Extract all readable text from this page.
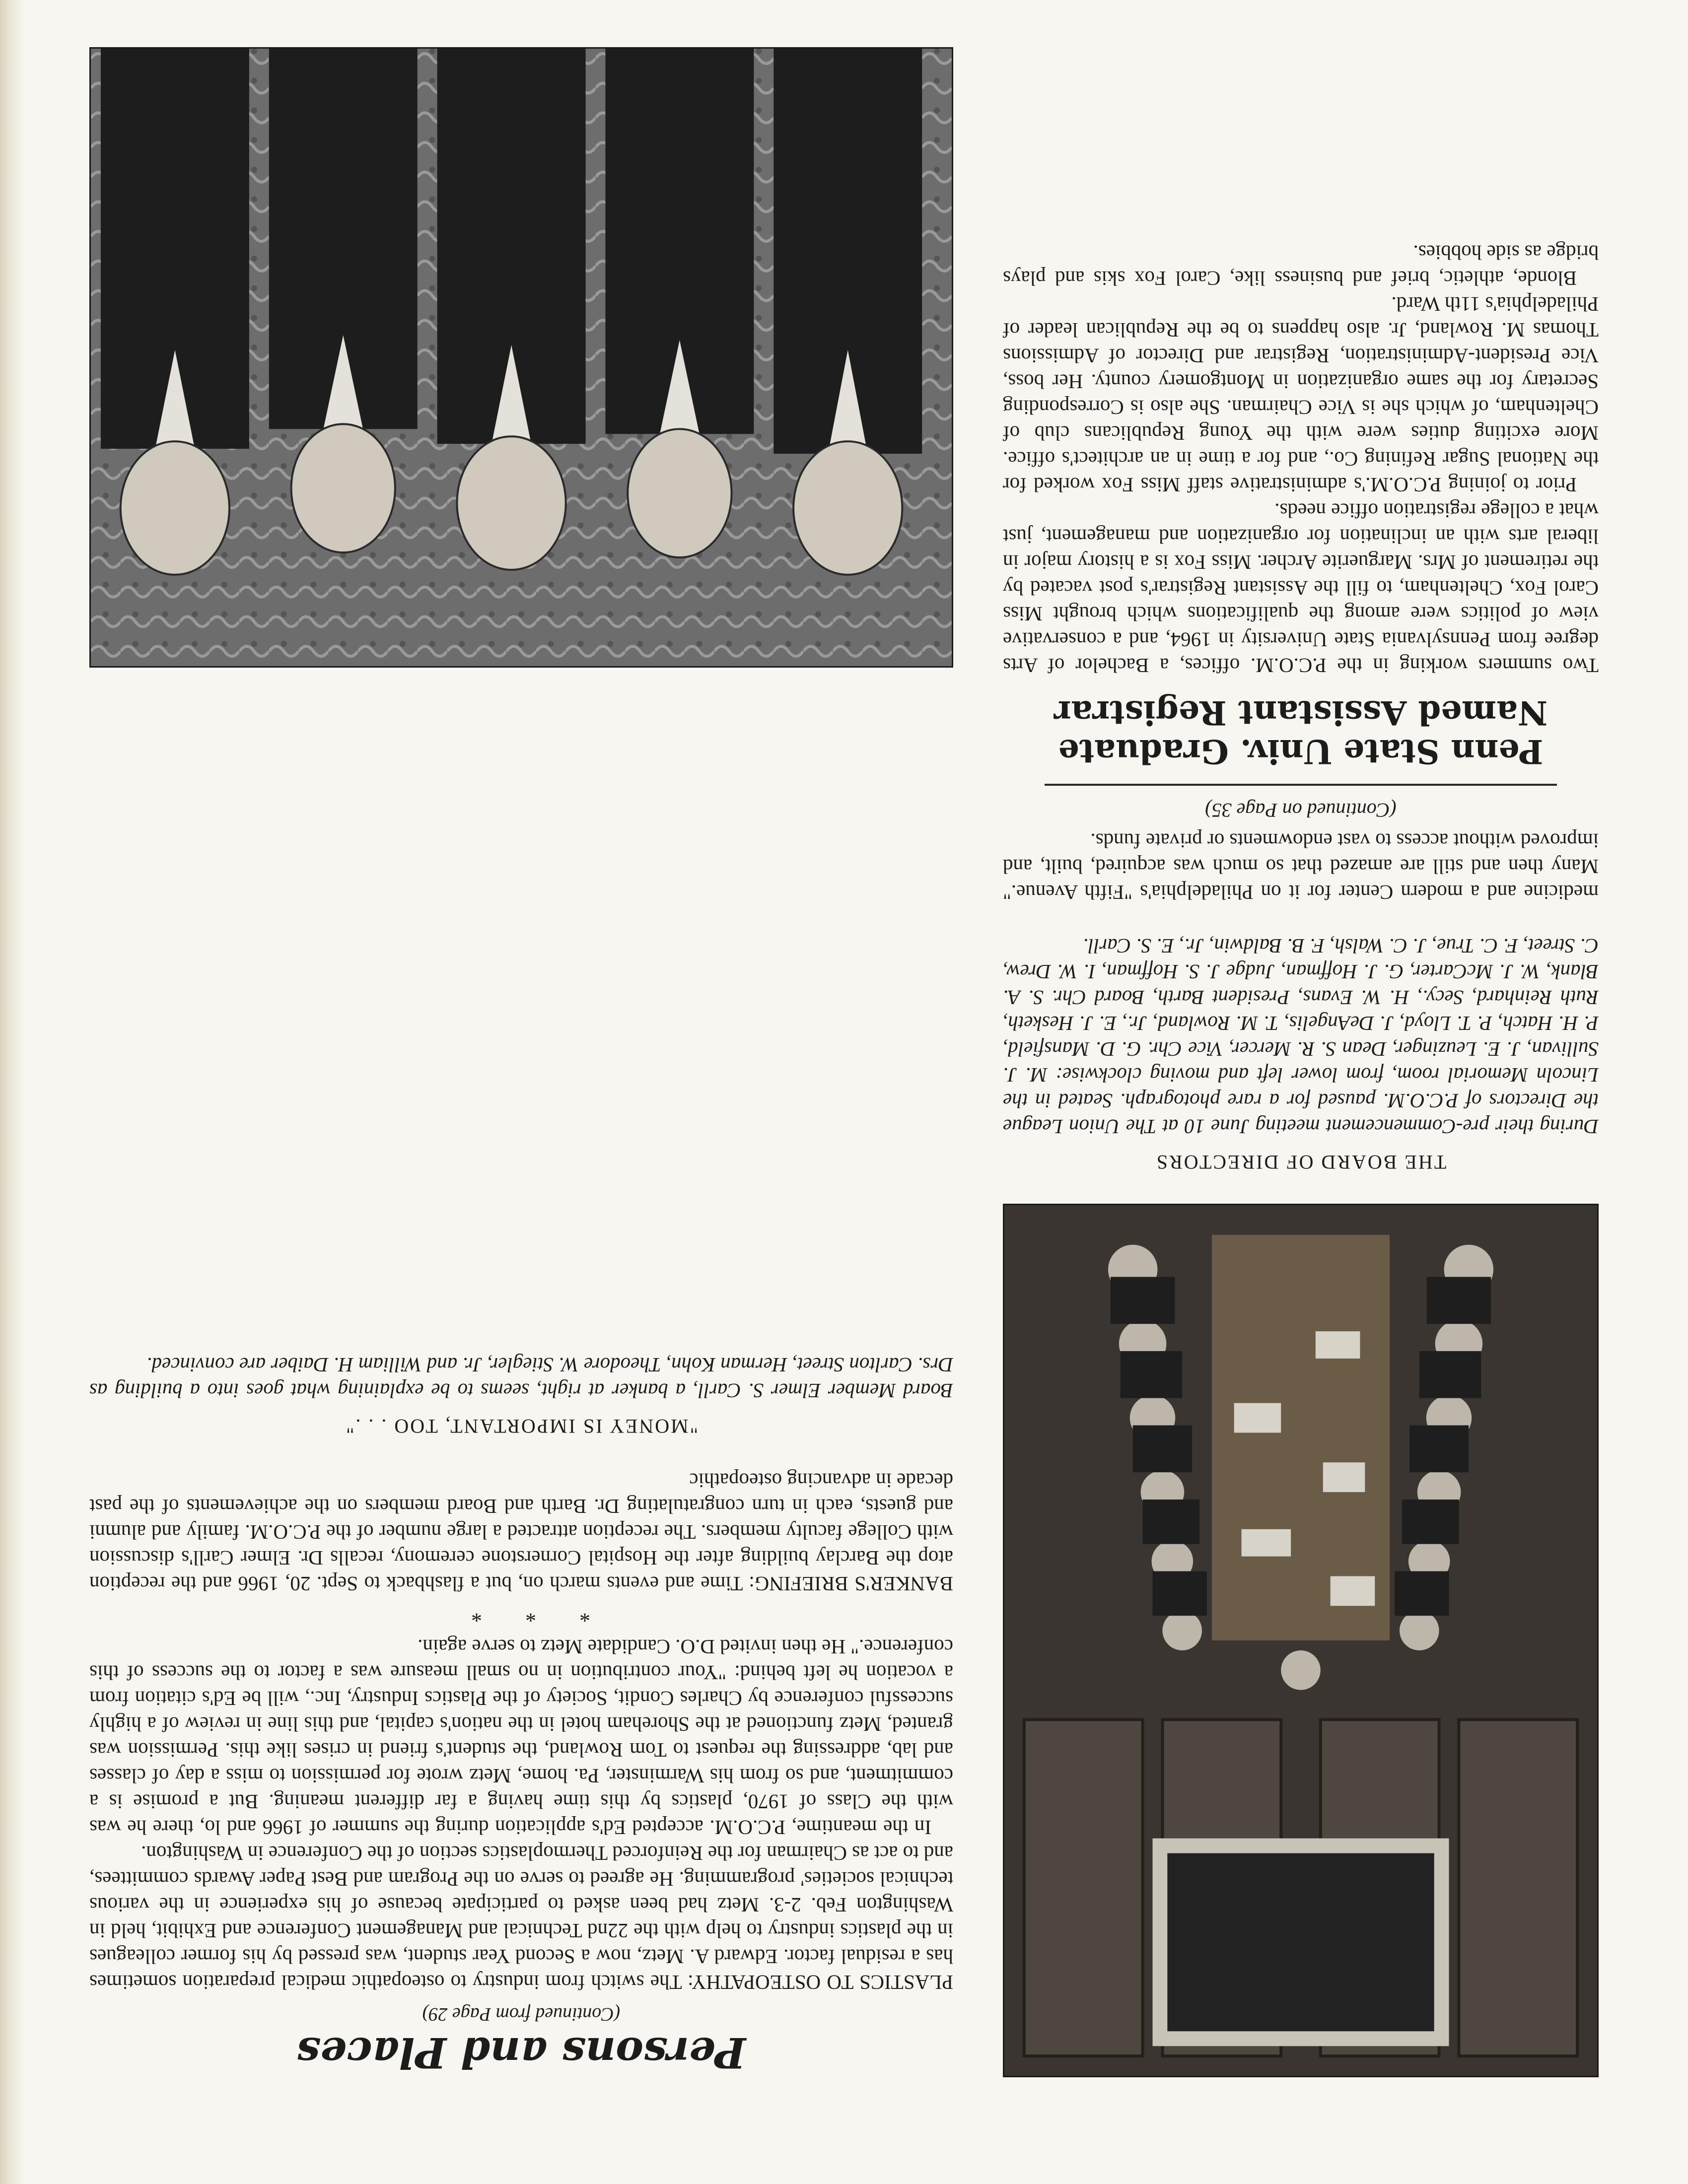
Persons and Places

(Continued from Page 29)

PLASTICS TO OSTEOPATHY: The switch from industry to osteopathic medical preparation sometimes has a residual factor. Edward A. Metz, now a Second Year student, was pressed by his former colleagues in the plastics industry to help with the 22nd Technical and Management Conference and Exhibit, held in Washington Feb. 2-3. Metz had been asked to participate because of his experience in the various technical societies' programming. He agreed to serve on the Program and Best Paper Awards committees, and to act as Chairman for the Reinforced Thermoplastics section of the Conference in Washington.

In the meantime, P.C.O.M. accepted Ed's application during the summer of 1966 and lo, there he was with the Class of 1970, plastics by this time having a far different meaning. But a promise is a commitment, and so from his Warminster, Pa. home, Metz wrote for permission to miss a day of classes and lab, addressing the request to Tom Rowland, the student's friend in crises like this. Permission was granted, Metz functioned at the Shoreham hotel in the nation's capital, and this line in review of a highly successful conference by Charles Condit, Society of the Plastics Industry, Inc., will be Ed's citation from a vocation he left behind: "Your contribution in no small measure was a factor to the success of this conference." He then invited D.O. Candidate Metz to serve again.

* * *

BANKER'S BRIEFING: Time and events march on, but a flashback to Sept. 20, 1966 and the reception atop the Barclay building after the Hospital Cornerstone ceremony, recalls Dr. Elmer Carll's discussion with College faculty members. The reception attracted a large number of the P.C.O.M. family and alumni and guests, each in turn congratulating Dr. Barth and Board members on the achievements of the past decade in advancing osteopathic

"MONEY IS IMPORTANT, TOO . . ."

Board Member Elmer S. Carll, a banker at right, seems to be explaining what goes into a building as Drs. Carlton Street, Herman Kohn, Theodore W. Stiegler, Jr. and William H. Daiber are convinced.

THE BOARD OF DIRECTORS

During their pre-Commencement meeting June 10 at The Union League the Directors of P.C.O.M. paused for a rare photograph. Seated in the Lincoln Memorial room, from lower left and moving clockwise: M. J. Sullivan, J. E. Leuzinger, Dean S. R. Mercer, Vice Chr. G. D. Mansfield, P. H. Hatch, P. T. Lloyd, J. DeAngelis, T. M. Rowland, Jr., E. J. Hesketh, Ruth Reinhard, Secy., H. W. Evans, President Barth, Board Chr. S. A. Blank, W. J. McCarter, G. J. Hoffman, Judge J. S. Hoffman, I. W. Drew, C. Street, F. C. True, J. C. Walsh, F. B. Baldwin, Jr., E. S. Carll.

medicine and a modern Center for it on Philadelphia's "Fifth Avenue." Many then and still are amazed that so much was acquired, built, and improved without access to vast endowments or private funds.

(Continued on Page 35)

Penn State Univ. Graduate Named Assistant Registrar

Two summers working in the P.C.O.M. offices, a Bachelor of Arts degree from Pennsylvania State University in 1964, and a conservative view of politics were among the qualifications which brought Miss Carol Fox, Cheltenham, to fill the Assistant Registrar's post vacated by the retirement of Mrs. Marguerite Archer. Miss Fox is a history major in liberal arts with an inclination for organization and management, just what a college registration office needs.

Prior to joining P.C.O.M.'s administrative staff Miss Fox worked for the National Sugar Refining Co., and for a time in an architect's office. More exciting duties were with the Young Republicans club of Cheltenham, of which she is Vice Chairman. She also is Corresponding Secretary for the same organization in Montgomery county. Her boss, Vice President-Administration, Registrar and Director of Admissions Thomas M. Rowland, Jr. also happens to be the Republican leader of Philadelphia's 11th Ward.

Blonde, athletic, brief and business like, Carol Fox skis and plays bridge as side hobbies.

33
